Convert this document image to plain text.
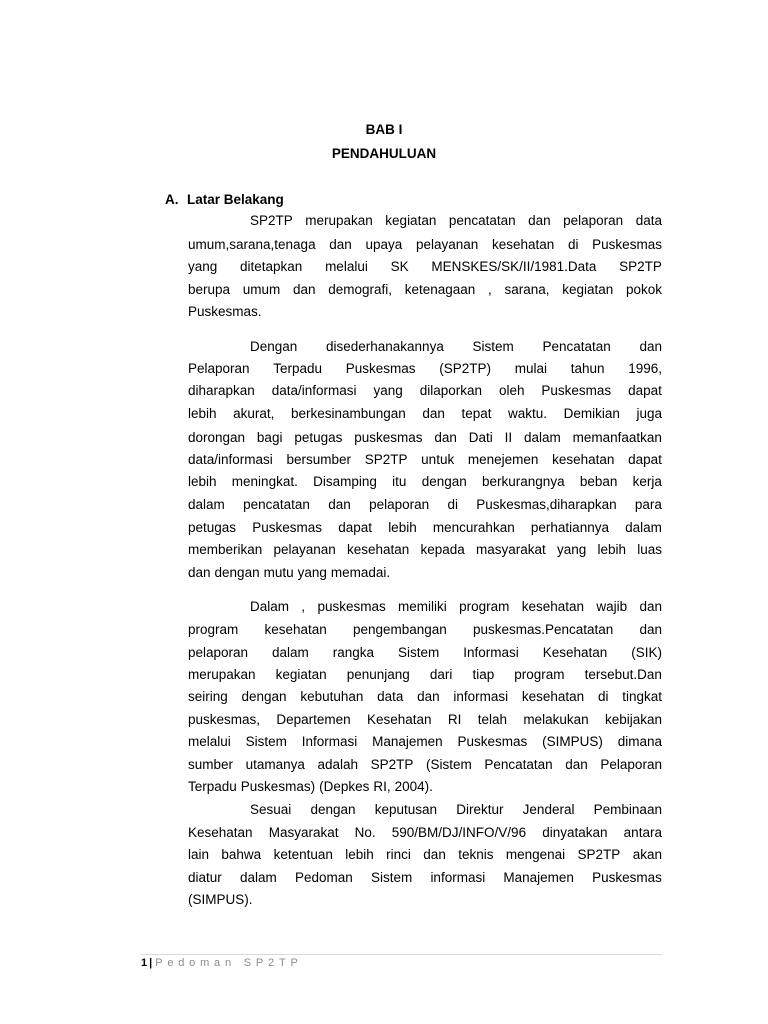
BAB I
PENDAHULUAN
A. Latar Belakang
SP2TP merupakan kegiatan pencatatan dan pelaporan data
umum,sarana,tenaga dan upaya pelayanan kesehatan di Puskesmas
yang ditetapkan melalui SK MENSKES/SK/II/1981.Data SP2TP
berupa umum dan demografi, ketenagaan , sarana, kegiatan pokok
Puskesmas.
Dengan disederhanakannya Sistem Pencatatan dan
Pelaporan Terpadu Puskesmas (SP2TP) mulai tahun 1996,
diharapkan data/informasi yang dilaporkan oleh Puskesmas dapat
lebih akurat, berkesinambungan dan tepat waktu. Demikian juga
dorongan bagi petugas puskesmas dan Dati II dalam memanfaatkan
data/informasi bersumber SP2TP untuk menejemen kesehatan dapat
lebih meningkat. Disamping itu dengan berkurangnya beban kerja
dalam pencatatan dan pelaporan di Puskesmas,diharapkan para
petugas Puskesmas dapat lebih mencurahkan perhatiannya dalam
memberikan pelayanan kesehatan kepada masyarakat yang lebih luas
dan dengan mutu yang memadai.
Dalam , puskesmas memiliki program kesehatan wajib dan
program kesehatan pengembangan puskesmas.Pencatatan dan
pelaporan dalam rangka Sistem Informasi Kesehatan (SIK)
merupakan kegiatan penunjang dari tiap program tersebut.Dan
seiring dengan kebutuhan data dan informasi kesehatan di tingkat
puskesmas, Departemen Kesehatan RI telah melakukan kebijakan
melalui Sistem Informasi Manajemen Puskesmas (SIMPUS) dimana
sumber utamanya adalah SP2TP (Sistem Pencatatan dan Pelaporan
Terpadu Puskesmas) (Depkes RI, 2004).
Sesuai dengan keputusan Direktur Jenderal Pembinaan
Kesehatan Masyarakat No. 590/BM/DJ/INFO/V/96 dinyatakan antara
lain bahwa ketentuan lebih rinci dan teknis mengenai SP2TP akan
diatur dalam Pedoman Sistem informasi Manajemen Puskesmas
(SIMPUS).
1 | Pedoman SP2TP
